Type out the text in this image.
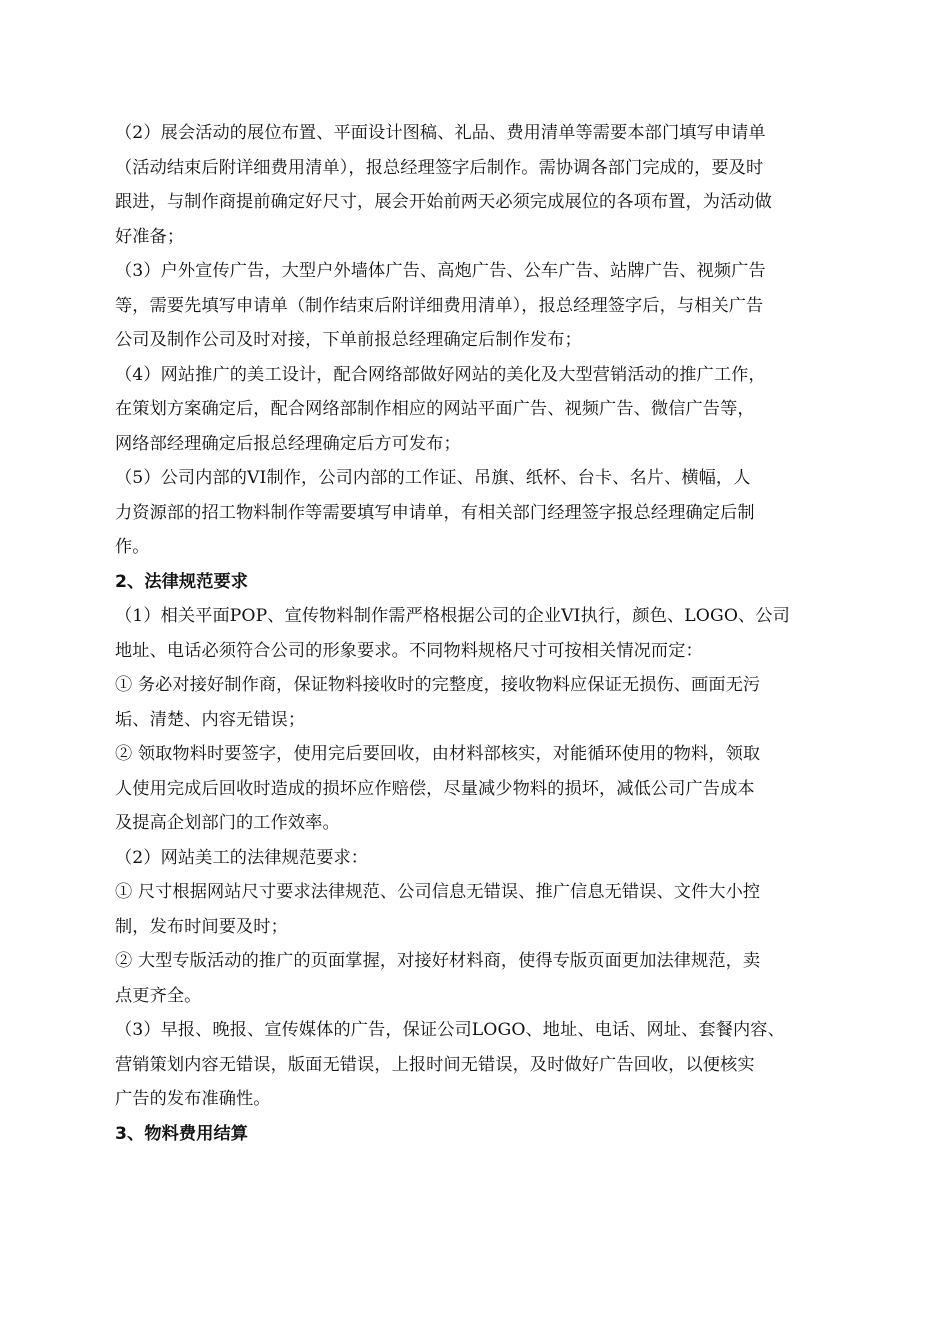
（2）展会活动的展位布置、平面设计图稿、礼品、费用清单等需要本部门填写申请单
（活动结束后附详细费用清单），报总经理签字后制作。需协调各部门完成的，要及时
跟进，与制作商提前确定好尺寸，展会开始前两天必须完成展位的各项布置，为活动做
好准备；
（3）户外宣传广告，大型户外墙体广告、高炮广告、公车广告、站牌广告、视频广告
等，需要先填写申请单（制作结束后附详细费用清单），报总经理签字后，与相关广告
公司及制作公司及时对接，下单前报总经理确定后制作发布；
（4）网站推广的美工设计，配合网络部做好网站的美化及大型营销活动的推广工作，
在策划方案确定后，配合网络部制作相应的网站平面广告、视频广告、微信广告等，
网络部经理确定后报总经理确定后方可发布；
（5）公司内部的VI制作，公司内部的工作证、吊旗、纸杯、台卡、名片、横幅，人
力资源部的招工物料制作等需要填写申请单，有相关部门经理签字报总经理确定后制
作。
2、法律规范要求
（1）相关平面POP、宣传物料制作需严格根据公司的企业VI执行，颜色、LOGO、公司
地址、电话必须符合公司的形象要求。不同物料规格尺寸可按相关情况而定：
① 务必对接好制作商，保证物料接收时的完整度，接收物料应保证无损伤、画面无污
垢、清楚、内容无错误；
② 领取物料时要签字，使用完后要回收，由材料部核实，对能循环使用的物料，领取
人使用完成后回收时造成的损坏应作赔偿，尽量减少物料的损坏，减低公司广告成本
及提高企划部门的工作效率。
（2）网站美工的法律规范要求：
① 尺寸根据网站尺寸要求法律规范、公司信息无错误、推广信息无错误、文件大小控
制，发布时间要及时；
② 大型专版活动的推广的页面掌握，对接好材料商，使得专版页面更加法律规范，卖
点更齐全。
（3）早报、晚报、宣传媒体的广告，保证公司LOGO、地址、电话、网址、套餐内容、
营销策划内容无错误，版面无错误，上报时间无错误，及时做好广告回收，以便核实
广告的发布准确性。
3、物料费用结算
